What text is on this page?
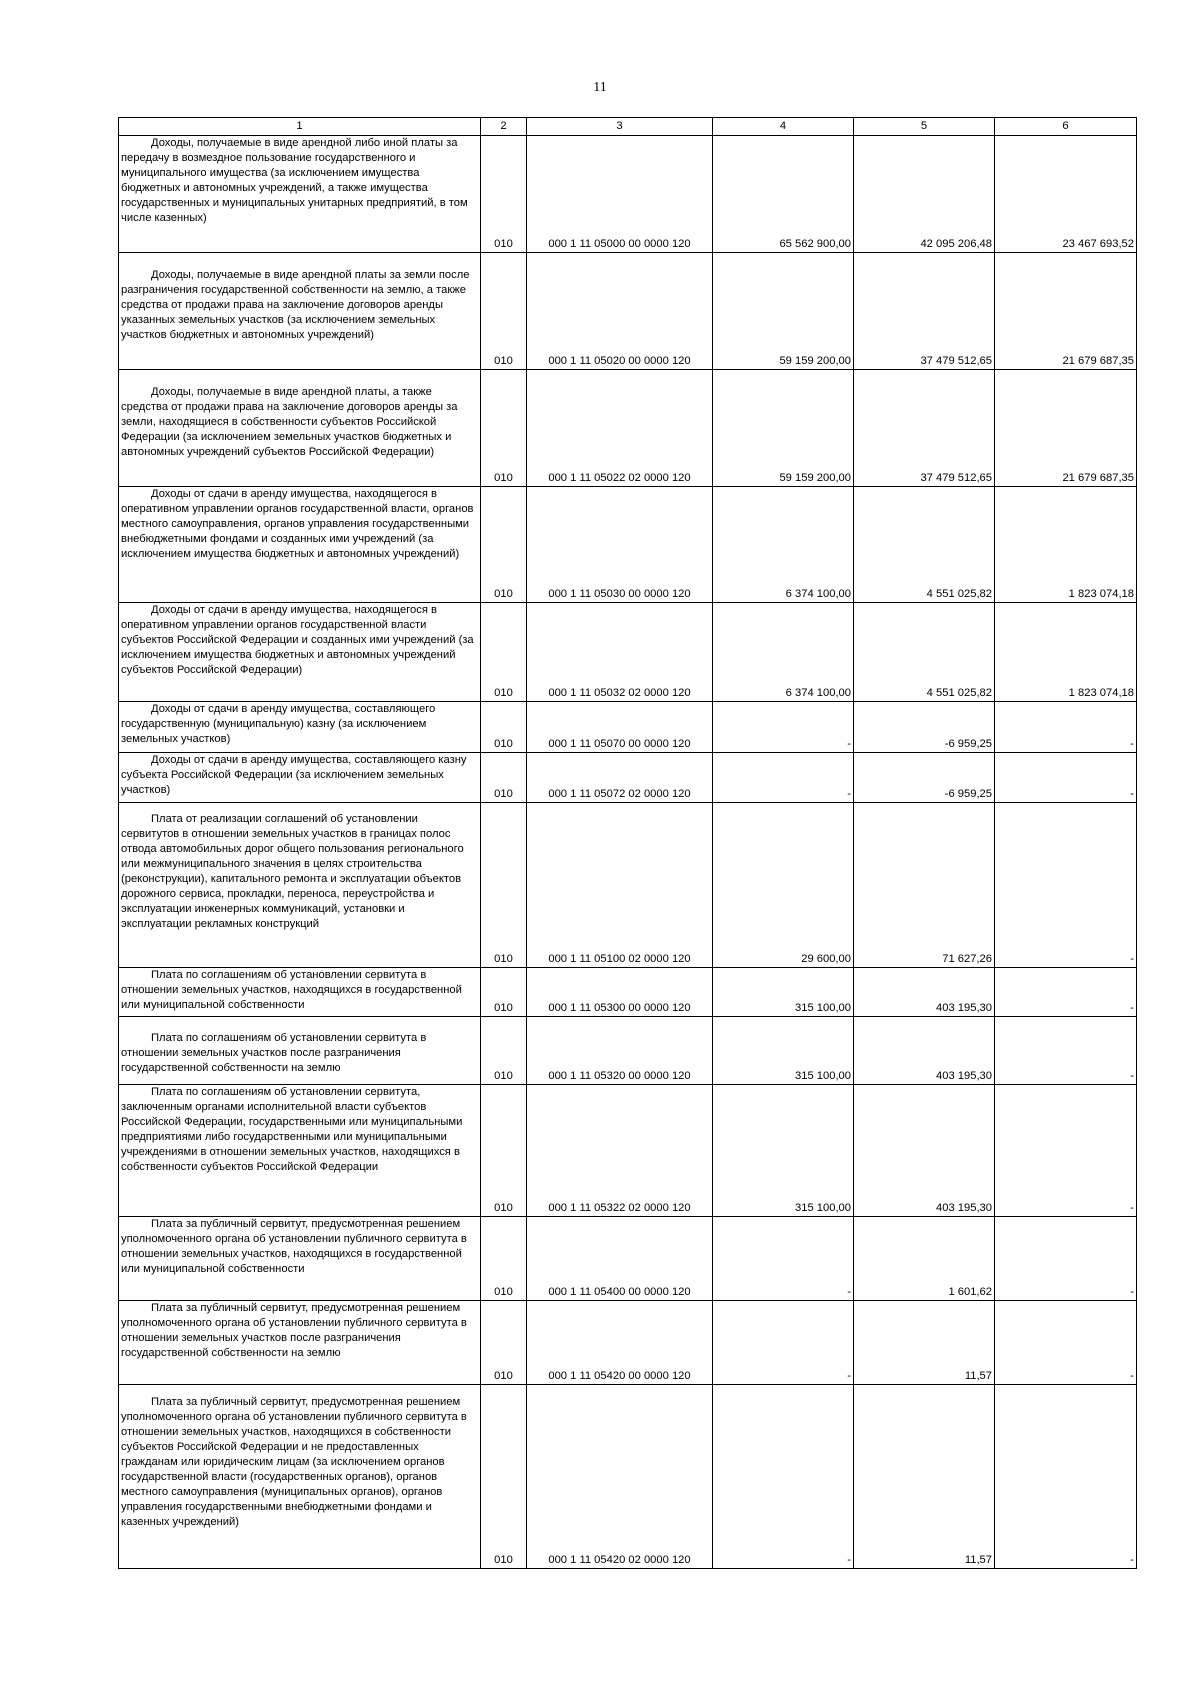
11
1	2	3	4	5	6
Доходы, получаемые в виде арендной либо иной платы за передачу в возмездное пользование государственного и муниципального имущества (за исключением имущества бюджетных и автономных учреждений, а также имущества государственных и муниципальных унитарных предприятий, в том числе казенных)	010	000 1 11 05000 00 0000 120	65 562 900,00	42 095 206,48	23 467 693,52
Доходы, получаемые в виде арендной платы за земли после разграничения государственной собственности на землю, а также средства от продажи права на заключение договоров аренды указанных земельных участков (за исключением земельных участков бюджетных и автономных учреждений)	010	000 1 11 05020 00 0000 120	59 159 200,00	37 479 512,65	21 679 687,35
Доходы, получаемые в виде арендной платы, а также средства от продажи права на заключение договоров аренды за земли, находящиеся в собственности субъектов Российской Федерации (за исключением земельных участков бюджетных и автономных учреждений субъектов Российской Федерации)	010	000 1 11 05022 02 0000 120	59 159 200,00	37 479 512,65	21 679 687,35
Доходы от сдачи в аренду имущества, находящегося в оперативном управлении органов государственной власти, органов местного самоуправления, органов управления государственными внебюджетными фондами и созданных ими учреждений (за исключением имущества бюджетных и автономных учреждений)	010	000 1 11 05030 00 0000 120	6 374 100,00	4 551 025,82	1 823 074,18
Доходы от сдачи в аренду имущества, находящегося в оперативном управлении органов государственной власти субъектов Российской Федерации и созданных ими учреждений (за исключением имущества бюджетных и автономных учреждений субъектов Российской Федерации)	010	000 1 11 05032 02 0000 120	6 374 100,00	4 551 025,82	1 823 074,18
Доходы от сдачи в аренду имущества, составляющего государственную (муниципальную) казну (за исключением земельных участков)	010	000 1 11 05070 00 0000 120	-	-6 959,25	-
Доходы от сдачи в аренду имущества, составляющего казну субъекта Российской Федерации (за исключением земельных участков)	010	000 1 11 05072 02 0000 120	-	-6 959,25	-
Плата от реализации соглашений об установлении сервитутов в отношении земельных участков в границах полос отвода автомобильных дорог общего пользования регионального или межмуниципального значения в целях строительства (реконструкции), капитального ремонта и эксплуатации объектов дорожного сервиса, прокладки, переноса, переустройства и эксплуатации инженерных коммуникаций, установки и эксплуатации рекламных конструкций	010	000 1 11 05100 02 0000 120	29 600,00	71 627,26	-
Плата по соглашениям об установлении сервитута в отношении земельных участков, находящихся в государственной или муниципальной собственности	010	000 1 11 05300 00 0000 120	315 100,00	403 195,30	-
Плата по соглашениям об установлении сервитута в отношении земельных участков после разграничения государственной собственности на землю	010	000 1 11 05320 00 0000 120	315 100,00	403 195,30	-
Плата по соглашениям об установлении сервитута, заключенным органами исполнительной власти субъектов Российской Федерации, государственными или муниципальными предприятиями либо государственными или муниципальными учреждениями в отношении земельных участков, находящихся в собственности субъектов Российской Федерации	010	000 1 11 05322 02 0000 120	315 100,00	403 195,30	-
Плата за публичный сервитут, предусмотренная решением уполномоченного органа об установлении публичного сервитута в отношении земельных участков, находящихся в государственной или муниципальной собственности	010	000 1 11 05400 00 0000 120	-	1 601,62	-
Плата за публичный сервитут, предусмотренная решением уполномоченного органа об установлении публичного сервитута в отношении земельных участков после разграничения государственной собственности на землю	010	000 1 11 05420 00 0000 120	-	11,57	-
Плата за публичный сервитут, предусмотренная решением уполномоченного органа об установлении публичного сервитута в отношении земельных участков, находящихся в собственности субъектов Российской Федерации и не предоставленных гражданам или юридическим лицам (за исключением органов государственной власти (государственных органов), органов местного самоуправления (муниципальных органов), органов управления государственными внебюджетными фондами и казенных учреждений)	010	000 1 11 05420 02 0000 120	-	11,57	-
